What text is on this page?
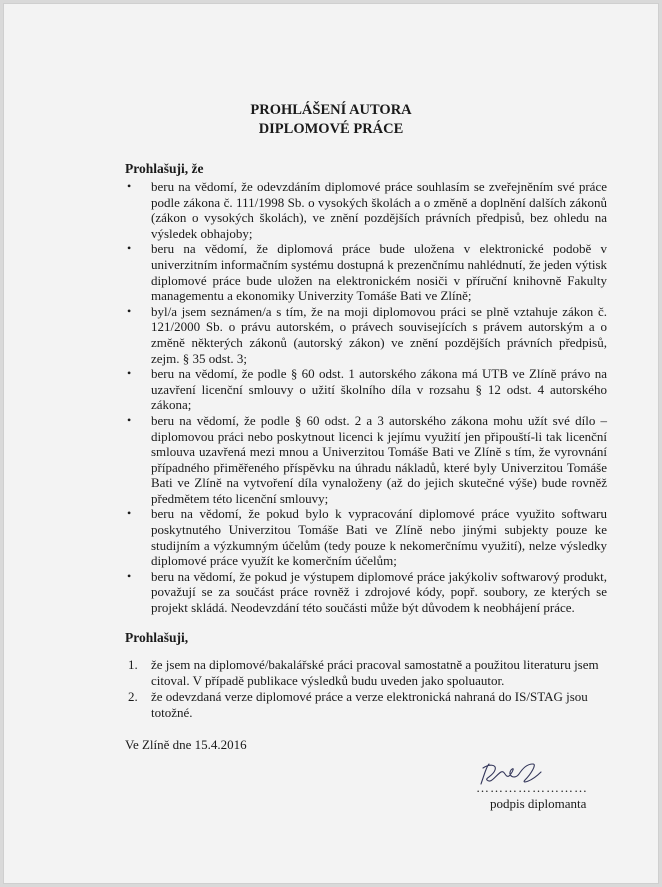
PROHLÁŠENÍ AUTORA
DIPLOMOVÉ PRÁCE
Prohlašuji, že
• beru na vědomí, že odevzdáním diplomové práce souhlasím se zveřejněním své práce podle zákona č. 111/1998 Sb. o vysokých školách a o změně a doplnění dalších zákonů (zákon o vysokých školách), ve znění pozdějších právních předpisů, bez ohledu na výsledek obhajoby;
• beru na vědomí, že diplomová práce bude uložena v elektronické podobě v univerzitním informačním systému dostupná k prezenčnímu nahlédnutí, že jeden výtisk diplomové práce bude uložen na elektronickém nosiči v příruční knihovně Fakulty managementu a ekonomiky Univerzity Tomáše Bati ve Zlíně;
• byl/a jsem seznámen/a s tím, že na moji diplomovou práci se plně vztahuje zákon č. 121/2000 Sb. o právu autorském, o právech souvisejících s právem autorským a o změně některých zákonů (autorský zákon) ve znění pozdějších právních předpisů, zejm. § 35 odst. 3;
• beru na vědomí, že podle § 60 odst. 1 autorského zákona má UTB ve Zlíně právo na uzavření licenční smlouvy o užití školního díla v rozsahu § 12 odst. 4 autorského zákona;
• beru na vědomí, že podle § 60 odst. 2 a 3 autorského zákona mohu užít své dílo – diplomovou práci nebo poskytnout licenci k jejímu využití jen připouští-li tak licenční smlouva uzavřená mezi mnou a Univerzitou Tomáše Bati ve Zlíně s tím, že vyrovnání případného přiměřeného příspěvku na úhradu nákladů, které byly Univerzitou Tomáše Bati ve Zlíně na vytvoření díla vynaloženy (až do jejich skutečné výše) bude rovněž předmětem této licenční smlouvy;
• beru na vědomí, že pokud bylo k vypracování diplomové práce využito softwaru poskytnutého Univerzitou Tomáše Bati ve Zlíně nebo jinými subjekty pouze ke studijním a výzkumným účelům (tedy pouze k nekomerčnímu využití), nelze výsledky diplomové práce využít ke komerčním účelům;
• beru na vědomí, že pokud je výstupem diplomové práce jakýkoliv softwarový produkt, považují se za součást práce rovněž i zdrojové kódy, popř. soubory, ze kterých se projekt skládá. Neodevzdání této součásti může být důvodem k neobhájení práce.
Prohlašuji,
1. že jsem na diplomové/bakalářské práci pracoval samostatně a použitou literaturu jsem citoval. V případě publikace výsledků budu uveden jako spoluautor.
2. že odevzdaná verze diplomové práce a verze elektronická nahraná do IS/STAG jsou totožné.
Ve Zlíně dne 15.4.2016
……………………
podpis diplomanta
